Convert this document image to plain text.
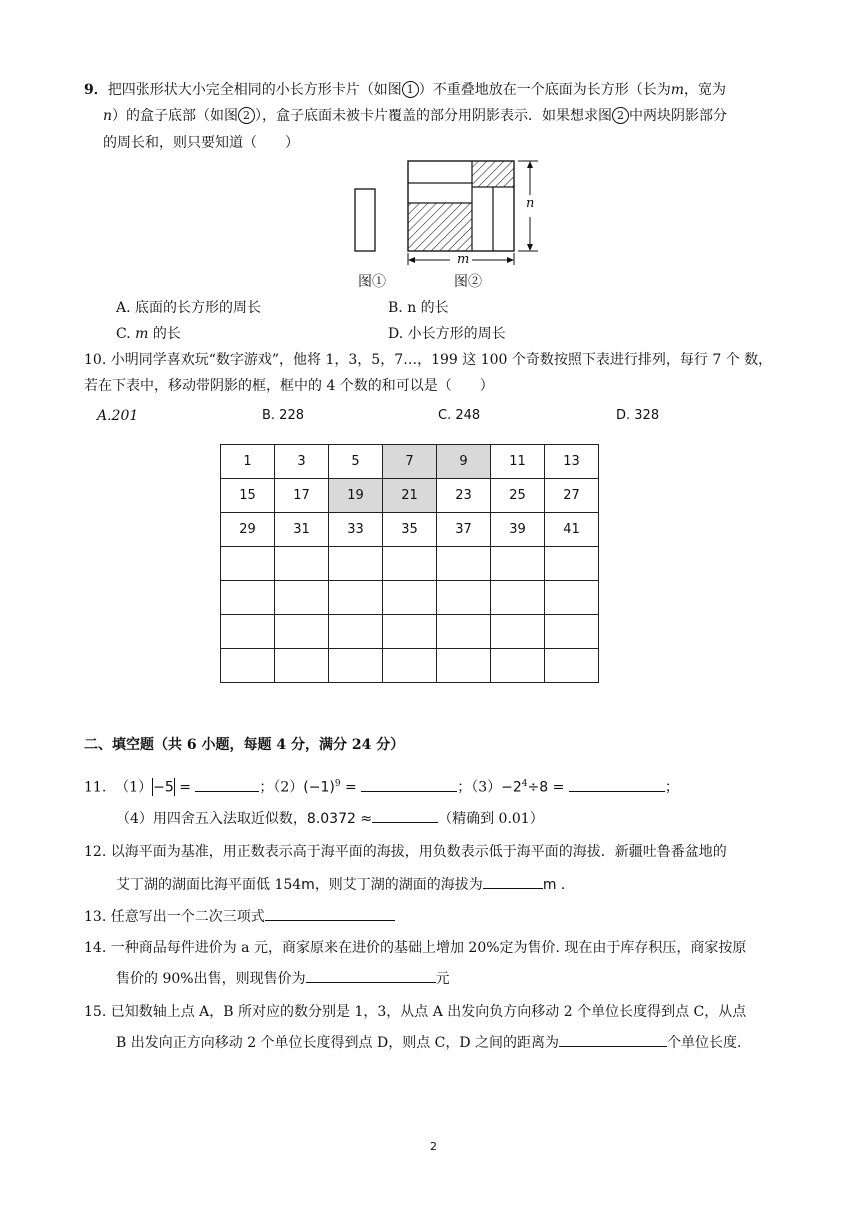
9．把四张形状大小完全相同的小长方形卡片（如图 1 ）不重叠地放在一个底面为长方形（长为m，宽为
n）的盒子底部（如图 2 ），盒子底面未被卡片覆盖的部分用阴影表示．如果想求图 2 中两块阴影部分
的周长和，则只要知道（　　）
n
m
图①	图②
A. 底面的长方形的周长	B. n 的长
C. m 的长	D. 小长方形的周长
10. 小明同学喜欢玩“数字游戏”，他将 1，3，5，7…，199 这 100 个奇数按照下表进行排列，每行 7 个 数，
若在下表中，移动带阴影的框，框中的 4 个数的和可以是（　　）
A.201	B. 228	C. 248	D. 328
1	3	5	7	9	11	13
15	17	19	21	23	25	27
29	31	33	35	37	39	41

二、填空题（共 6 小题，每题 4 分，满分 24 分）
11. （1）−5 =	；$(2)(-1)^9$ =	；$(3)-2^4\div 8$ =	；
（4）用四舍五入法取近似数，8.0372 ≈	（精确到 0.01）
12. 以海平面为基准，用正数表示高于海平面的海拔，用负数表示低于海平面的海拔．新疆吐鲁番盆地的
艾丁湖的湖面比海平面低 154m，则艾丁湖的湖面的海拔为	m .
13. 任意写出一个二次三项式
14. 一种商品每件进价为 a 元，商家原来在进价的基础上增加 20%定为售价. 现在由于库存积压，商家按原
售价的 90%出售，则现售价为	元
15. 已知数轴上点 A，B 所对应的数分别是 1，3，从点 A 出发向负方向移动 2 个单位长度得到点 C，从点
B 出发向正方向移动 2 个单位长度得到点 D，则点 C，D 之间的距离为	个单位长度.
2
